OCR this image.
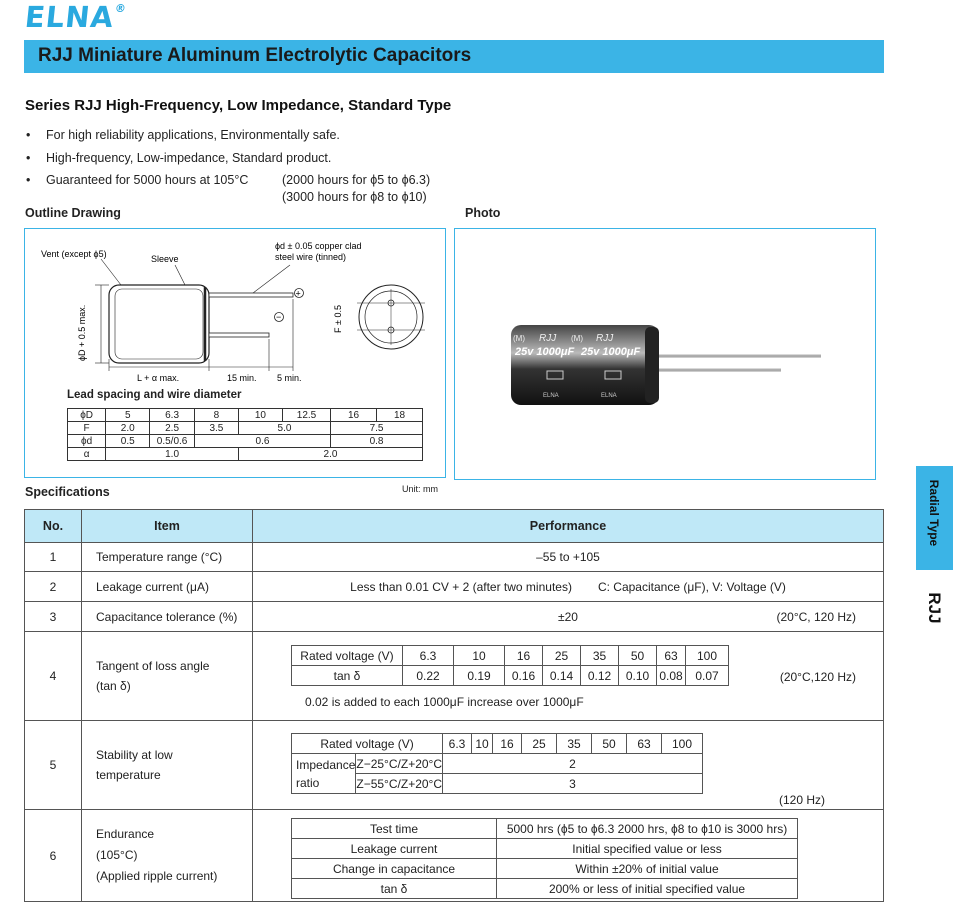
ELNA®
RJJ Miniature Aluminum Electrolytic Capacitors
Series RJJ High-Frequency, Low Impedance, Standard Type
• For high reliability applications, Environmentally safe.
• High-frequency, Low-impedance, Standard product.
• Guaranteed for 5000 hours at 105°C	(2000 hours for ϕ5 to ϕ6.3)
(3000 hours for ϕ8 to ϕ10)
Outline Drawing	Photo
ϕD + 0.5 max.
L + α max.	15 min. 5 min.
Vent (except ϕ5)	Sleeve
ϕd ± 0.05 copper clad
steel wire (tinned)
+
−	F ± 0.5
Lead spacing and wire diameter
ϕD	5	6.3	8	10	12.5	16	18
F	2.0	2.5	3.5	5.0		7.5	
ϕd	0.5	0.5/0.6	0.6			0.8	
α	1.0			2.0			
RJJ	RJJ
(M)	(M)
25v 1000μF 25v 1000μF
ELNA	ELNA
Specifications	Unit: mm
No.	Item	Performance
1	Temperature range (°C)	–55 to +105
2	Leakage current (μA)	Less than 0.01 CV + 2 (after two minutes) C: Capacitance (μF), V: Voltage (V)
3	Capacitance tolerance (%)	±20	(20°C, 120 Hz)

4	
Tangent of loss angle
(tan δ)

Rated voltage (V)	6.3	10	16	25	35	50	63	100
tan δ	0.22	0.19	0.16	0.14	0.12	0.10	0.08	0.07	(20°C,120 Hz)
0.02 is added to each 1000μF increase over 1000μF

5	
Stability at low
temperature

Rated voltage (V)	6.3	10	16	25	35	50	63	100

Impedance
ratio
	Z−25°C/Z+20°C	2
Z−55°C/Z+20°C	3
(120 Hz)

6	
Endurance
(105°C)
(Applied ripple current)

Test time	5000 hrs (ϕ5 to ϕ6.3 2000 hrs, ϕ8 to ϕ10 is 3000 hrs)
Leakage current	Initial specified value or less
Change in capacitance	Within ±20% of initial value
tan δ	200% or less of initial specified value
Radial Type
RJJ
